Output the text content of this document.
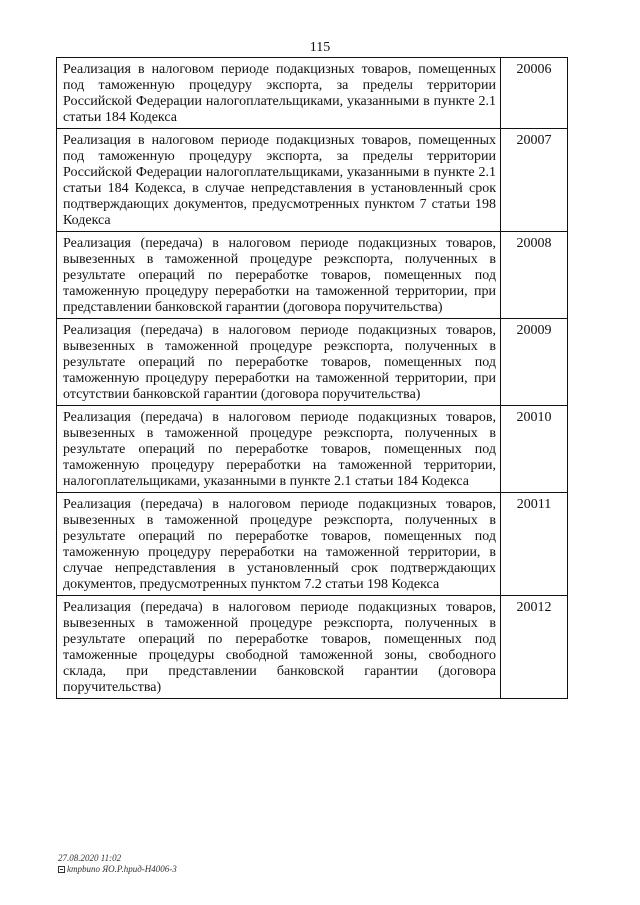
115
Реализация в налоговом периоде подакцизных товаров, помещенных под таможенную процедуру экспорта, за пределы территории Российской Федерации налогоплательщиками, указанными в пункте 2.1 статьи 184 Кодекса	20006
Реализация в налоговом периоде подакцизных товаров, помещенных под таможенную процедуру экспорта, за пределы территории Российской Федерации налогоплательщиками, указанными в пункте 2.1 статьи 184 Кодекса, в случае непредставления в установленный срок подтверждающих документов, предусмотренных пунктом 7 статьи 198 Кодекса	20007
Реализация (передача) в налоговом периоде подакцизных товаров, вывезенных в таможенной процедуре реэкспорта, полученных в результате операций по переработке товаров, помещенных под таможенную процедуру переработки на таможенной территории, при представлении банковской гарантии (договора поручительства)	20008
Реализация (передача) в налоговом периоде подакцизных товаров, вывезенных в таможенной процедуре реэкспорта, полученных в результате операций по переработке товаров, помещенных под таможенную процедуру переработки на таможенной территории, при отсутствии банковской гарантии (договора поручительства)	20009
Реализация (передача) в налоговом периоде подакцизных товаров, вывезенных в таможенной процедуре реэкспорта, полученных в результате операций по переработке товаров, помещенных под таможенную процедуру переработки на таможенной территории, налогоплательщиками, указанными в пункте 2.1 статьи 184 Кодекса	20010
Реализация (передача) в налоговом периоде подакцизных товаров, вывезенных в таможенной процедуре реэкспорта, полученных в результате операций по переработке товаров, помещенных под таможенную процедуру переработки на таможенной территории, в случае непредставления в установленный срок подтверждающих документов, предусмотренных пунктом 7.2 статьи 198 Кодекса	20011
Реализация (передача) в налоговом периоде подакцизных товаров, вывезенных в таможенной процедуре реэкспорта, полученных в результате операций по переработке товаров, помещенных под таможенные процедуры свободной таможенной зоны, свободного склада, при представлении банковской гарантии (договора поручительства)	20012
27.08.2020 11:02
kmpbuno ЯО.Р.hрид-Н4006-3
